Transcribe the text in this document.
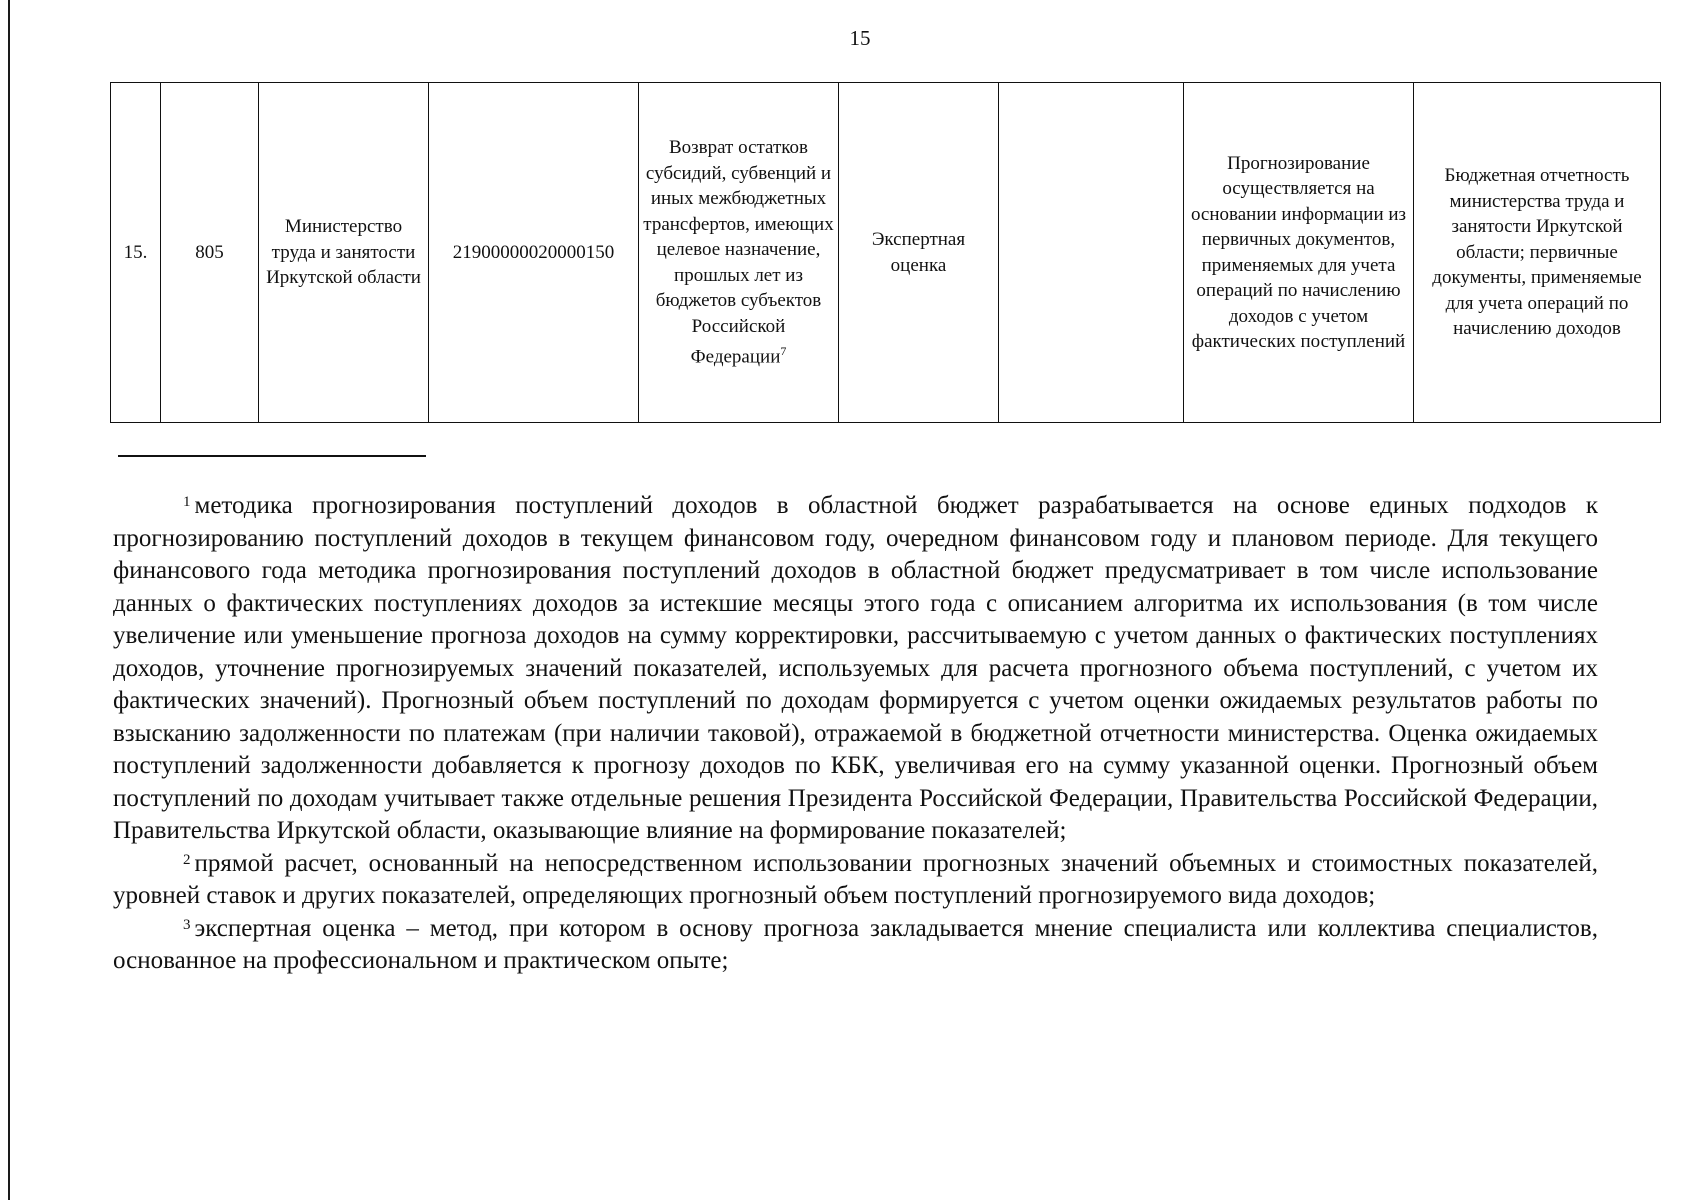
15
15.	805	Министерство труда и занятости Иркутской области	21900000020000150	Возврат остатков субсидий, субвенций и иных межбюджетных трансфертов, имеющих целевое назначение, прошлых лет из бюджетов субъектов Российской Федерации$^7$	Экспертная оценка		Прогнозирование осуществляется на основании информации из первичных документов, применяемых для учета операций по начислению доходов с учетом фактических поступлений	Бюджетная отчетность министерства труда и занятости Иркутской области; первичные документы, применяемые для учета операций по начислению доходов

$^1$ методика прогнозирования поступлений доходов в областной бюджет разрабатывается на основе единых подходов к прогнозированию поступлений доходов в текущем финансовом году, очередном финансовом году и плановом периоде. Для текущего финансового года методика прогнозирования поступлений доходов в областной бюджет предусматривает в том числе использование данных о фактических поступлениях доходов за истекшие месяцы этого года с описанием алгоритма их использования (в том числе увеличение или уменьшение прогноза доходов на сумму корректировки, рассчитываемую с учетом данных о фактических поступлениях доходов, уточнение прогнозируемых значений показателей, используемых для расчета прогнозного объема поступлений, с учетом их фактических значений). Прогнозный объем поступлений по доходам формируется с учетом оценки ожидаемых результатов работы по взысканию задолженности по платежам (при наличии таковой), отражаемой в бюджетной отчетности министерства. Оценка ожидаемых поступлений задолженности добавляется к прогнозу доходов по КБК, увеличивая его на сумму указанной оценки. Прогнозный объем поступлений по доходам учитывает также отдельные решения Президента Российской Федерации, Правительства Российской Федерации, Правительства Иркутской области, оказывающие влияние на формирование показателей;

$^2$ прямой расчет, основанный на непосредственном использовании прогнозных значений объемных и стоимостных показателей, уровней ставок и других показателей, определяющих прогнозный объем поступлений прогнозируемого вида доходов;

$^3$ экспертная оценка – метод, при котором в основу прогноза закладывается мнение специалиста или коллектива специалистов, основанное на профессиональном и практическом опыте;
